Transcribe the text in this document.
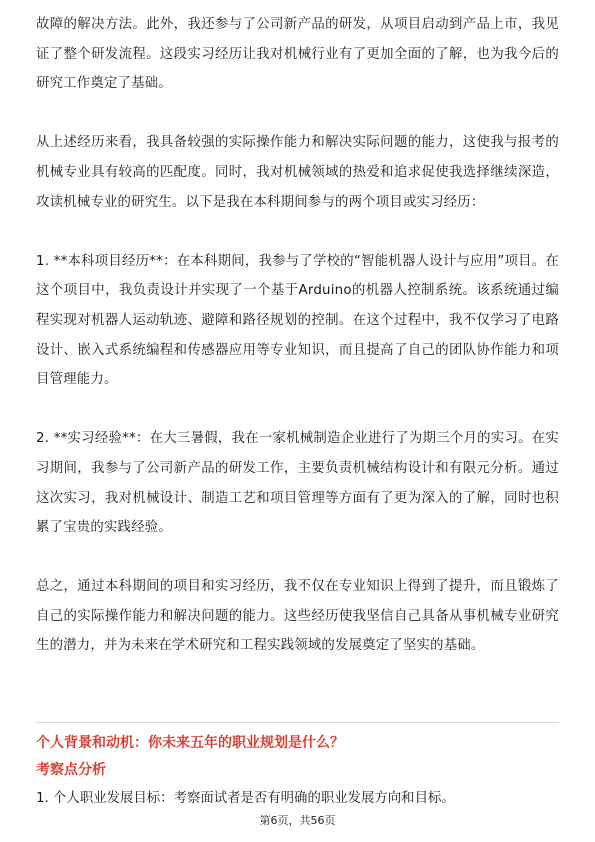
故障的解决方法。此外，我还参与了公司新产品的研发，从项目启动到产品上市，我见证了整个研发流程。这段实习经历让我对机械行业有了更加全面的了解，也为我今后的研究工作奠定了基础。

从上述经历来看，我具备较强的实际操作能力和解决实际问题的能力，这使我与报考的机械专业具有较高的匹配度。同时，我对机械领域的热爱和追求促使我选择继续深造，攻读机械专业的研究生。以下是我在本科期间参与的两个项目或实习经历：

1. **本科项目经历**：在本科期间，我参与了学校的“智能机器人设计与应用”项目。在这个项目中，我负责设计并实现了一个基于Arduino的机器人控制系统。该系统通过编程实现对机器人运动轨迹、避障和路径规划的控制。在这个过程中，我不仅学习了电路设计、嵌入式系统编程和传感器应用等专业知识，而且提高了自己的团队协作能力和项目管理能力。

2. **实习经验**：在大三暑假，我在一家机械制造企业进行了为期三个月的实习。在实习期间，我参与了公司新产品的研发工作，主要负责机械结构设计和有限元分析。通过这次实习，我对机械设计、制造工艺和项目管理等方面有了更为深入的了解，同时也积累了宝贵的实践经验。

总之，通过本科期间的项目和实习经历，我不仅在专业知识上得到了提升，而且锻炼了自己的实际操作能力和解决问题的能力。这些经历使我坚信自己具备从事机械专业研究生的潜力，并为未来在学术研究和工程实践领域的发展奠定了坚实的基础。

个人背景和动机：你未来五年的职业规划是什么？
考察点分析
1. 个人职业发展目标：考察面试者是否有明确的职业发展方向和目标。
第6页，共56页
